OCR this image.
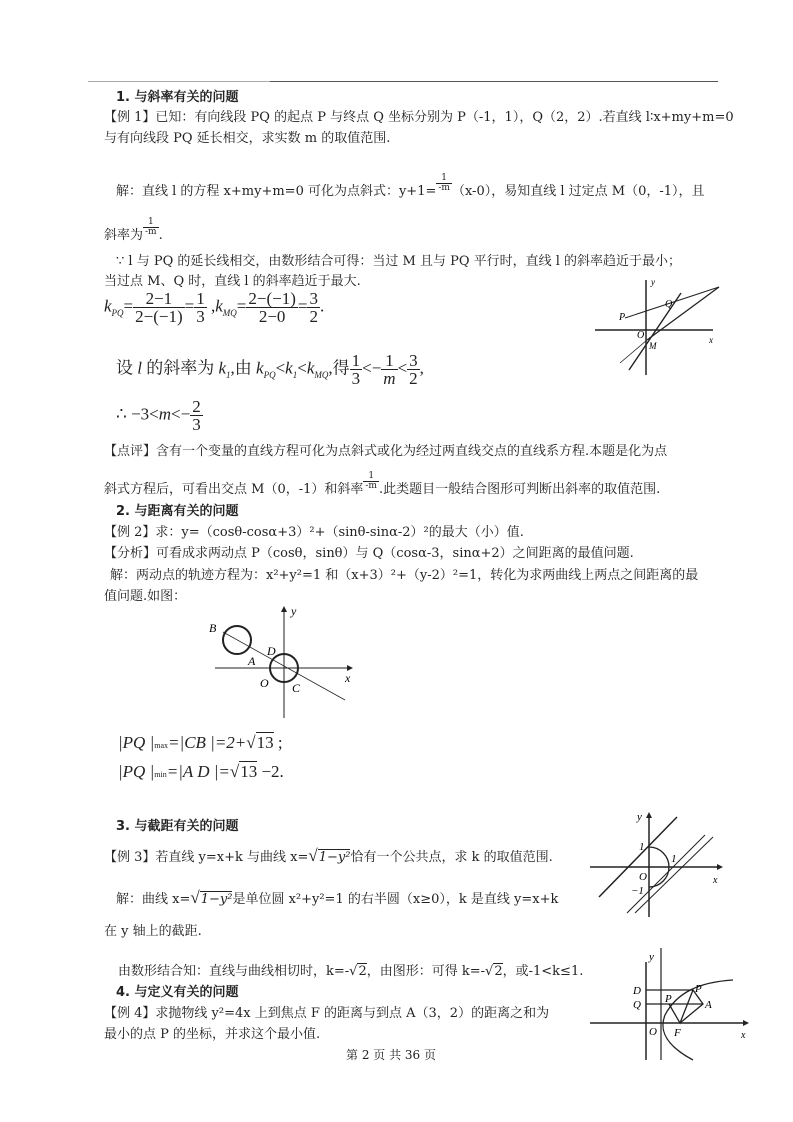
1. 与斜率有关的问题
【例 1】已知：有向线段 PQ 的起点 P 与终点 Q 坐标分别为 P（-1，1），Q（2，2）.若直线 l∶x+my+m=0
与有向线段 PQ 延长相交，求实数 m 的取值范围.
解：直线 l 的方程 x+my+m=0 可化为点斜式：$y+1= \frac{1}{-m} (x-0)$，易知直线 l 过定点 M（0，-1），且
斜率为 $\frac{1}{-m}$ .
∵ l 与 PQ 的延长线相交，由数形结合可得：当过 M 且与 PQ 平行时，直线 l 的斜率趋近于最小；
当过点 M、Q 时，直线 l 的斜率趋近于最大.
$k_{PQ}= \frac{2-1}{2-(-1)} = \frac{1}{3} ,k_{MQ}= \frac{2-(-1)}{2-0} = \frac{3}{2}$ .
设 l 的斜率为 $k_1$,由 $k_{PQ}<k_1<k_{MQ}$,得 $\frac{1}{3} <- \frac{1}{m} < \frac{3}{2}$ ,
∴ $-3<m<- \frac{2}{3}$
【点评】含有一个变量的直线方程可化为点斜式或化为经过两直线交点的直线系方程.本题是化为点
斜式方程后，可看出交点 M（0，-1）和斜率 $\frac{1}{-m}$ .此类题目一般结合图形可判断出斜率的取值范围.
y
Q
P
O
M
x
2. 与距离有关的问题
【例 2】求：y=（cosθ-cosα+3）²+（sinθ-sinα-2）²的最大（小）值.
【分析】可看成求两动点 P（cosθ，sinθ）与 Q（cosα-3，sinα+2）之间距离的最值问题.
解：两动点的轨迹方程为：x²+y²=1 和（x+3）²+（y-2）²=1，转化为求两曲线上两点之间距离的最
值问题.如图：
y
B
D
A
O C
x
|PQ |max=|CB |=2+√13 ;
|PQ |min=|A D |=√13 −2.
3. 与截距有关的问题
【例 3】若直线 y=x+k 与曲线 x=√1−y²恰有一个公共点，求 k 的取值范围.
解：曲线 x=√1−y²是单位圆 x²+y²=1 的右半圆（x≥0），k 是直线 y=x+k
在 y 轴上的截距.
由数形结合知：直线与曲线相切时，k=-√2，由图形：可得 k=-√2，或-1<k≤1.
y
1
1
O
−1
x
4. 与定义有关的问题
【例 4】求抛物线 y²=4x 上到焦点 F 的距离与到点 A（3，2）的距离之和为
最小的点 P 的坐标，并求这个最小值.
y
D
Q P
P
A
O F	x
第 2 页 共 36 页
